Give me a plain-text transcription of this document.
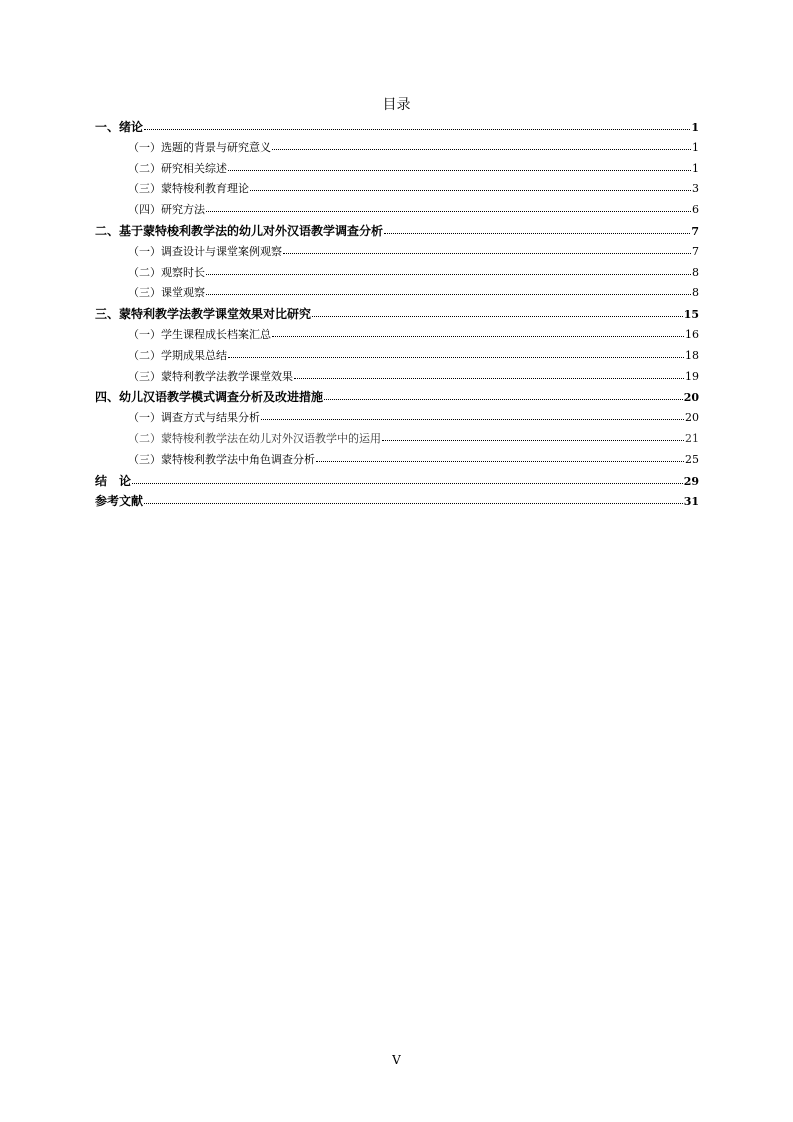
目录
一、绪论	1
（一）选题的背景与研究意义	1
（二）研究相关综述	1
（三）蒙特梭利教育理论	3
（四）研究方法	6
二、基于蒙特梭利教学法的幼儿对外汉语教学调查分析	7
（一）调查设计与课堂案例观察	7
（二）观察时长	8
（三）课堂观察	8
三、蒙特利教学法教学课堂效果对比研究	15
（一）学生课程成长档案汇总	16
（二）学期成果总结	18
（三）蒙特利教学法教学课堂效果	19
四、幼儿汉语教学模式调查分析及改进措施	20
（一）调查方式与结果分析	20
（二）蒙特梭利教学法在幼儿对外汉语教学中的运用	21
（三）蒙特梭利教学法中角色调查分析	25
结　论	29
参考文献	31
V
